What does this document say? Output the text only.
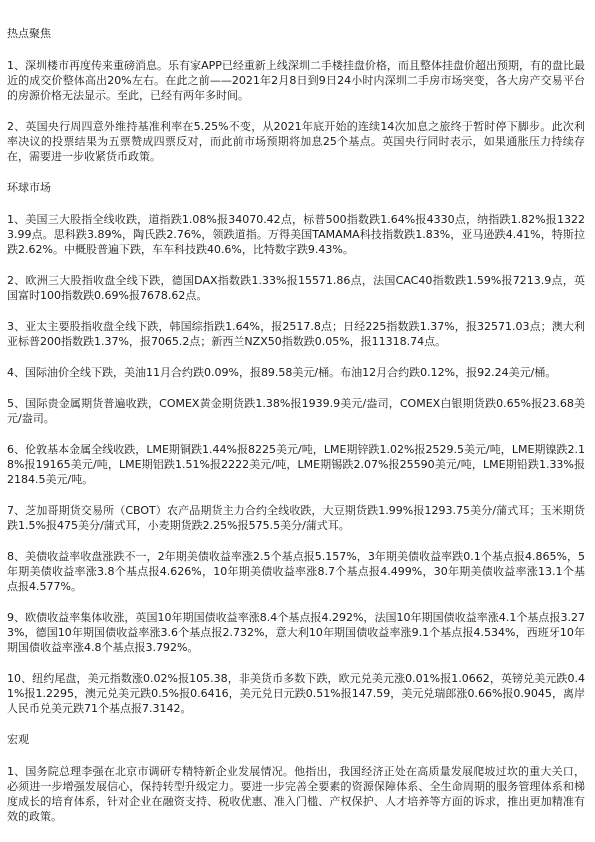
热点聚焦
1、深圳楼市再度传来重磅消息。乐有家APP已经重新上线深圳二手楼挂盘价格，而且整体挂盘价超出预期，有的盘比最近的成交价整体高出20%左右。在此之前——2021年2月8日到9日24小时内深圳二手房市场突变，各大房产交易平台的房源价格无法显示。至此，已经有两年多时间。
2、英国央行周四意外维持基准利率在5.25%不变，从2021年底开始的连续14次加息之旅终于暂时停下脚步。此次利率决议的投票结果为五票赞成四票反对，而此前市场预期将加息25个基点。英国央行同时表示，如果通胀压力持续存在，需要进一步收紧货币政策。
环球市场
1、美国三大股指全线收跌，道指跌1.08%报34070.42点，标普500指数跌1.64%报4330点，纳指跌1.82%报13223.99点。思科跌3.89%，陶氏跌2.76%，领跌道指。万得美国TAMAMA科技指数跌1.83%，亚马逊跌4.41%，特斯拉跌2.62%。中概股普遍下跌，车车科技跌40.6%，比特数字跌9.43%。
2、欧洲三大股指收盘全线下跌，德国DAX指数跌1.33%报15571.86点，法国CAC40指数跌1.59%报7213.9点，英国富时100指数跌0.69%报7678.62点。
3、亚太主要股指收盘全线下跌，韩国综指跌1.64%，报2517.8点；日经225指数跌1.37%，报32571.03点；澳大利亚标普200指数跌1.37%，报7065.2点；新西兰NZX50指数跌0.05%，报11318.74点。
4、国际油价全线下跌，美油11月合约跌0.09%，报89.58美元/桶。布油12月合约跌0.12%，报92.24美元/桶。
5、国际贵金属期货普遍收跌，COMEX黄金期货跌1.38%报1939.9美元/盎司，COMEX白银期货跌0.65%报23.68美元/盎司。
6、伦敦基本金属全线收跌，LME期铜跌1.44%报8225美元/吨，LME期锌跌1.02%报2529.5美元/吨，LME期镍跌2.18%报19165美元/吨，LME期铝跌1.51%报2222美元/吨，LME期锡跌2.07%报25590美元/吨，LME期铅跌1.33%报2184.5美元/吨。
7、芝加哥期货交易所（CBOT）农产品期货主力合约全线收跌，大豆期货跌1.99%报1293.75美分/蒲式耳；玉米期货跌1.5%报475美分/蒲式耳，小麦期货跌2.25%报575.5美分/蒲式耳。
8、美债收益率收盘涨跌不一，2年期美债收益率涨2.5个基点报5.157%，3年期美债收益率跌0.1个基点报4.865%，5年期美债收益率涨3.8个基点报4.626%，10年期美债收益率涨8.7个基点报4.499%，30年期美债收益率涨13.1个基点报4.577%。
9、欧债收益率集体收涨，英国10年期国债收益率涨8.4个基点报4.292%，法国10年期国债收益率涨4.1个基点报3.273%，德国10年期国债收益率涨3.6个基点报2.732%，意大利10年期国债收益率涨9.1个基点报4.534%，西班牙10年期国债收益率涨4.8个基点报3.792%。
10、纽约尾盘，美元指数涨0.02%报105.38，非美货币多数下跌，欧元兑美元涨0.01%报1.0662，英镑兑美元跌0.41%报1.2295，澳元兑美元跌0.5%报0.6416，美元兑日元跌0.51%报147.59，美元兑瑞郎涨0.66%报0.9045，离岸人民币兑美元跌71个基点报7.3142。
宏观
1、国务院总理李强在北京市调研专精特新企业发展情况。他指出，我国经济正处在高质量发展爬坡过坎的重大关口，必须进一步增强发展信心，保持转型升级定力。要进一步完善全要素的资源保障体系、全生命周期的服务管理体系和梯度成长的培育体系，针对企业在融资支持、税收优惠、准入门槛、产权保护、人才培养等方面的诉求，推出更加精准有效的政策。
